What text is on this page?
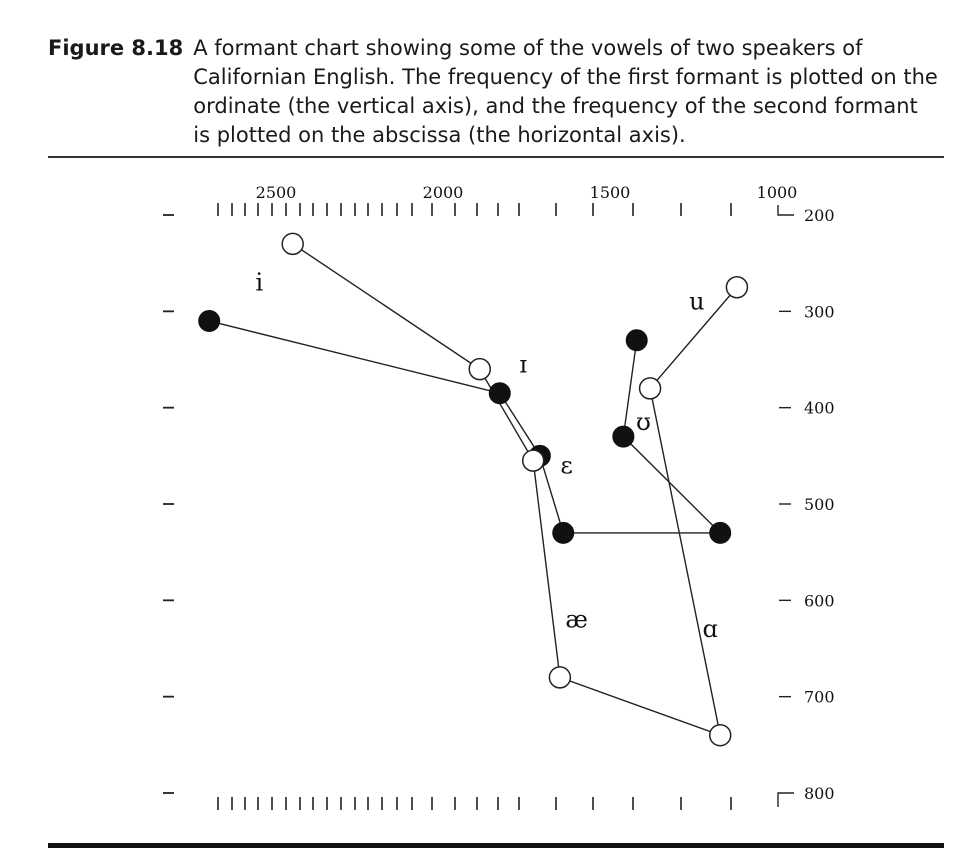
Figure 8.18 A formant chart showing some of the vowels of two speakers of Californian English. The frequency of the first formant is plotted on the ordinate (the vertical axis), and the frequency of the second formant is plotted on the abscissa (the horizontal axis).
2500	2000	1500	1000
200
300
400
500
600
700
800
i
ɪ
ɛ
æ	ɑ
ʊ
u
